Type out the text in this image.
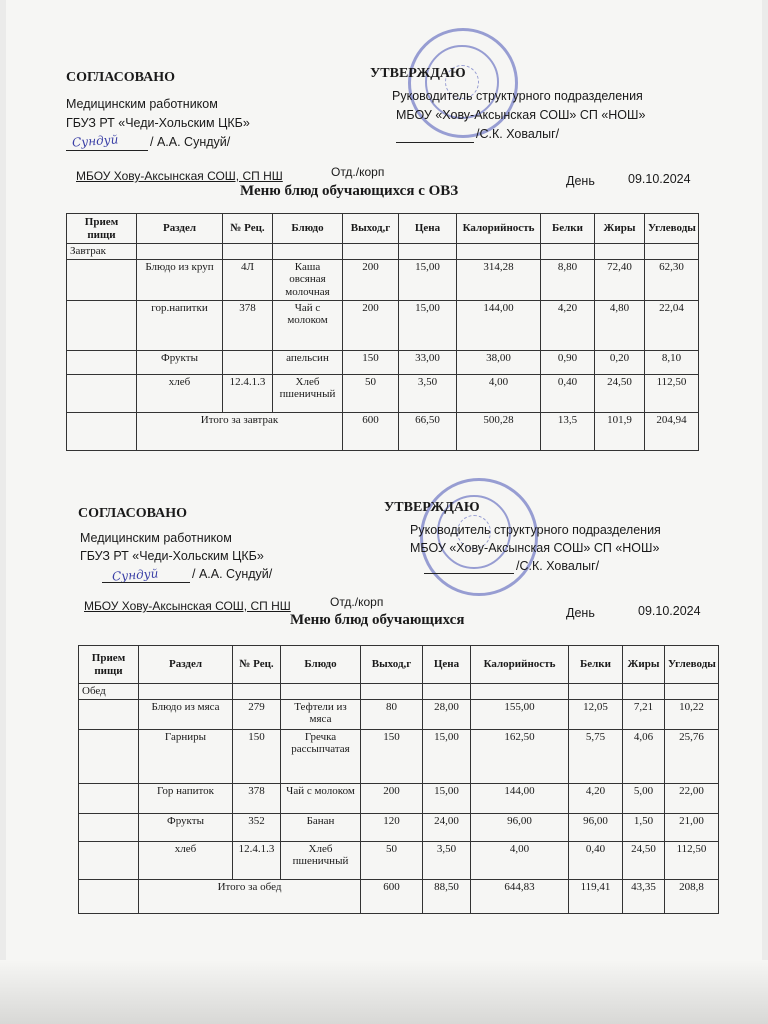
СОГЛАСОВАНО	УТВЕРЖДАЮ
Медицинским работником
ГБУЗ РТ «Чеди-Хольским ЦКБ»
Сундуй / А.А. Сундуй/
Руководитель структурного подразделения
МБОУ «Хову-Аксынская СОШ» СП «НОШ»
/С.К. Ховалыг/
МБОУ Хову-Аксынская СОШ, СП НШ	Отд./корп
Меню блюд обучающихся с ОВЗ
День	09.10.2024
Прием пищи	Раздел	№ Рец.	Блюдо	Выход,г	Цена	Калорийность	Белки	Жиры	Углеводы
Завтрак									
	Блюдо из круп	4Л	Каша овсяная молочная	200	15,00	314,28	8,80	72,40	62,30
	гор.напитки	378	Чай с молоком	200	15,00	144,00	4,20	4,80	22,04
	Фрукты		апельсин	150	33,00	38,00	0,90	0,20	8,10
	хлеб	12.4.1.3	Хлеб пшеничный	50	3,50	4,00	0,40	24,50	112,50
	Итого за завтрак			600	66,50	500,28	13,5	101,9	204,94
СОГЛАСОВАНО	УТВЕРЖДАЮ
Медицинским работником
ГБУЗ РТ «Чеди-Хольским ЦКБ»
Сундуй	/ А.А. Сундуй/
Руководитель структурного подразделения
МБОУ «Хову-Аксынская СОШ» СП «НОШ»
/С.К. Ховалыг/
МБОУ Хову-Аксынская СОШ, СП НШ	Отд./корп
Меню блюд обучающихся	День	09.10.2024
Прием пищи	Раздел	№ Рец.	Блюдо	Выход,г	Цена	Калорийность	Белки	Жиры	Углеводы
Обед									
	Блюдо из мяса	279	Тефтели из мяса	80	28,00	155,00	12,05	7,21	10,22
	Гарниры	150	Гречка рассыпчатая	150	15,00	162,50	5,75	4,06	25,76
	Гор напиток	378	Чай с молоком	200	15,00	144,00	4,20	5,00	22,00
	Фрукты	352	Банан	120	24,00	96,00	96,00	1,50	21,00
	хлеб	12.4.1.3	Хлеб пшеничный	50	3,50	4,00	0,40	24,50	112,50
	Итого за обед			600	88,50	644,83	119,41	43,35	208,8
